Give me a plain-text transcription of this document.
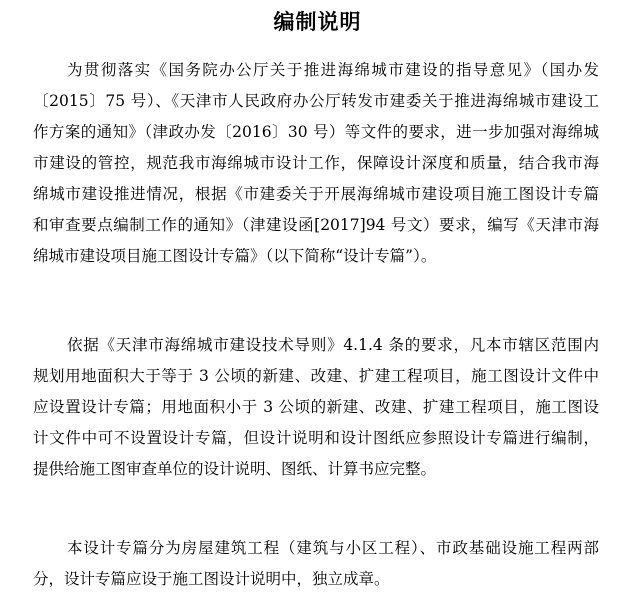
编制说明
为贯彻落实《国务院办公厅关于推进海绵城市建设的指导意见》（国办发
〔2015〕75 号）、《天津市人民政府办公厅转发市建委关于推进海绵城市建设工
作方案的通知》（津政办发〔2016〕30 号）等文件的要求，进一步加强对海绵城
市建设的管控，规范我市海绵城市设计工作，保障设计深度和质量，结合我市海
绵城市建设推进情况，根据《市建委关于开展海绵城市建设项目施工图设计专篇
和审查要点编制工作的通知》（津建设函[2017]94 号文）要求，编写《天津市海
绵城市建设项目施工图设计专篇》（以下简称“设计专篇”）。
依据《天津市海绵城市建设技术导则》4.1.4 条的要求，凡本市辖区范围内
规划用地面积大于等于 3 公顷的新建、改建、扩建工程项目，施工图设计文件中
应设置设计专篇；用地面积小于 3 公顷的新建、改建、扩建工程项目，施工图设
计文件中可不设置设计专篇，但设计说明和设计图纸应参照设计专篇进行编制，
提供给施工图审查单位的设计说明、图纸、计算书应完整。
本设计专篇分为房屋建筑工程（建筑与小区工程）、市政基础设施工程两部
分，设计专篇应设于施工图设计说明中，独立成章。
